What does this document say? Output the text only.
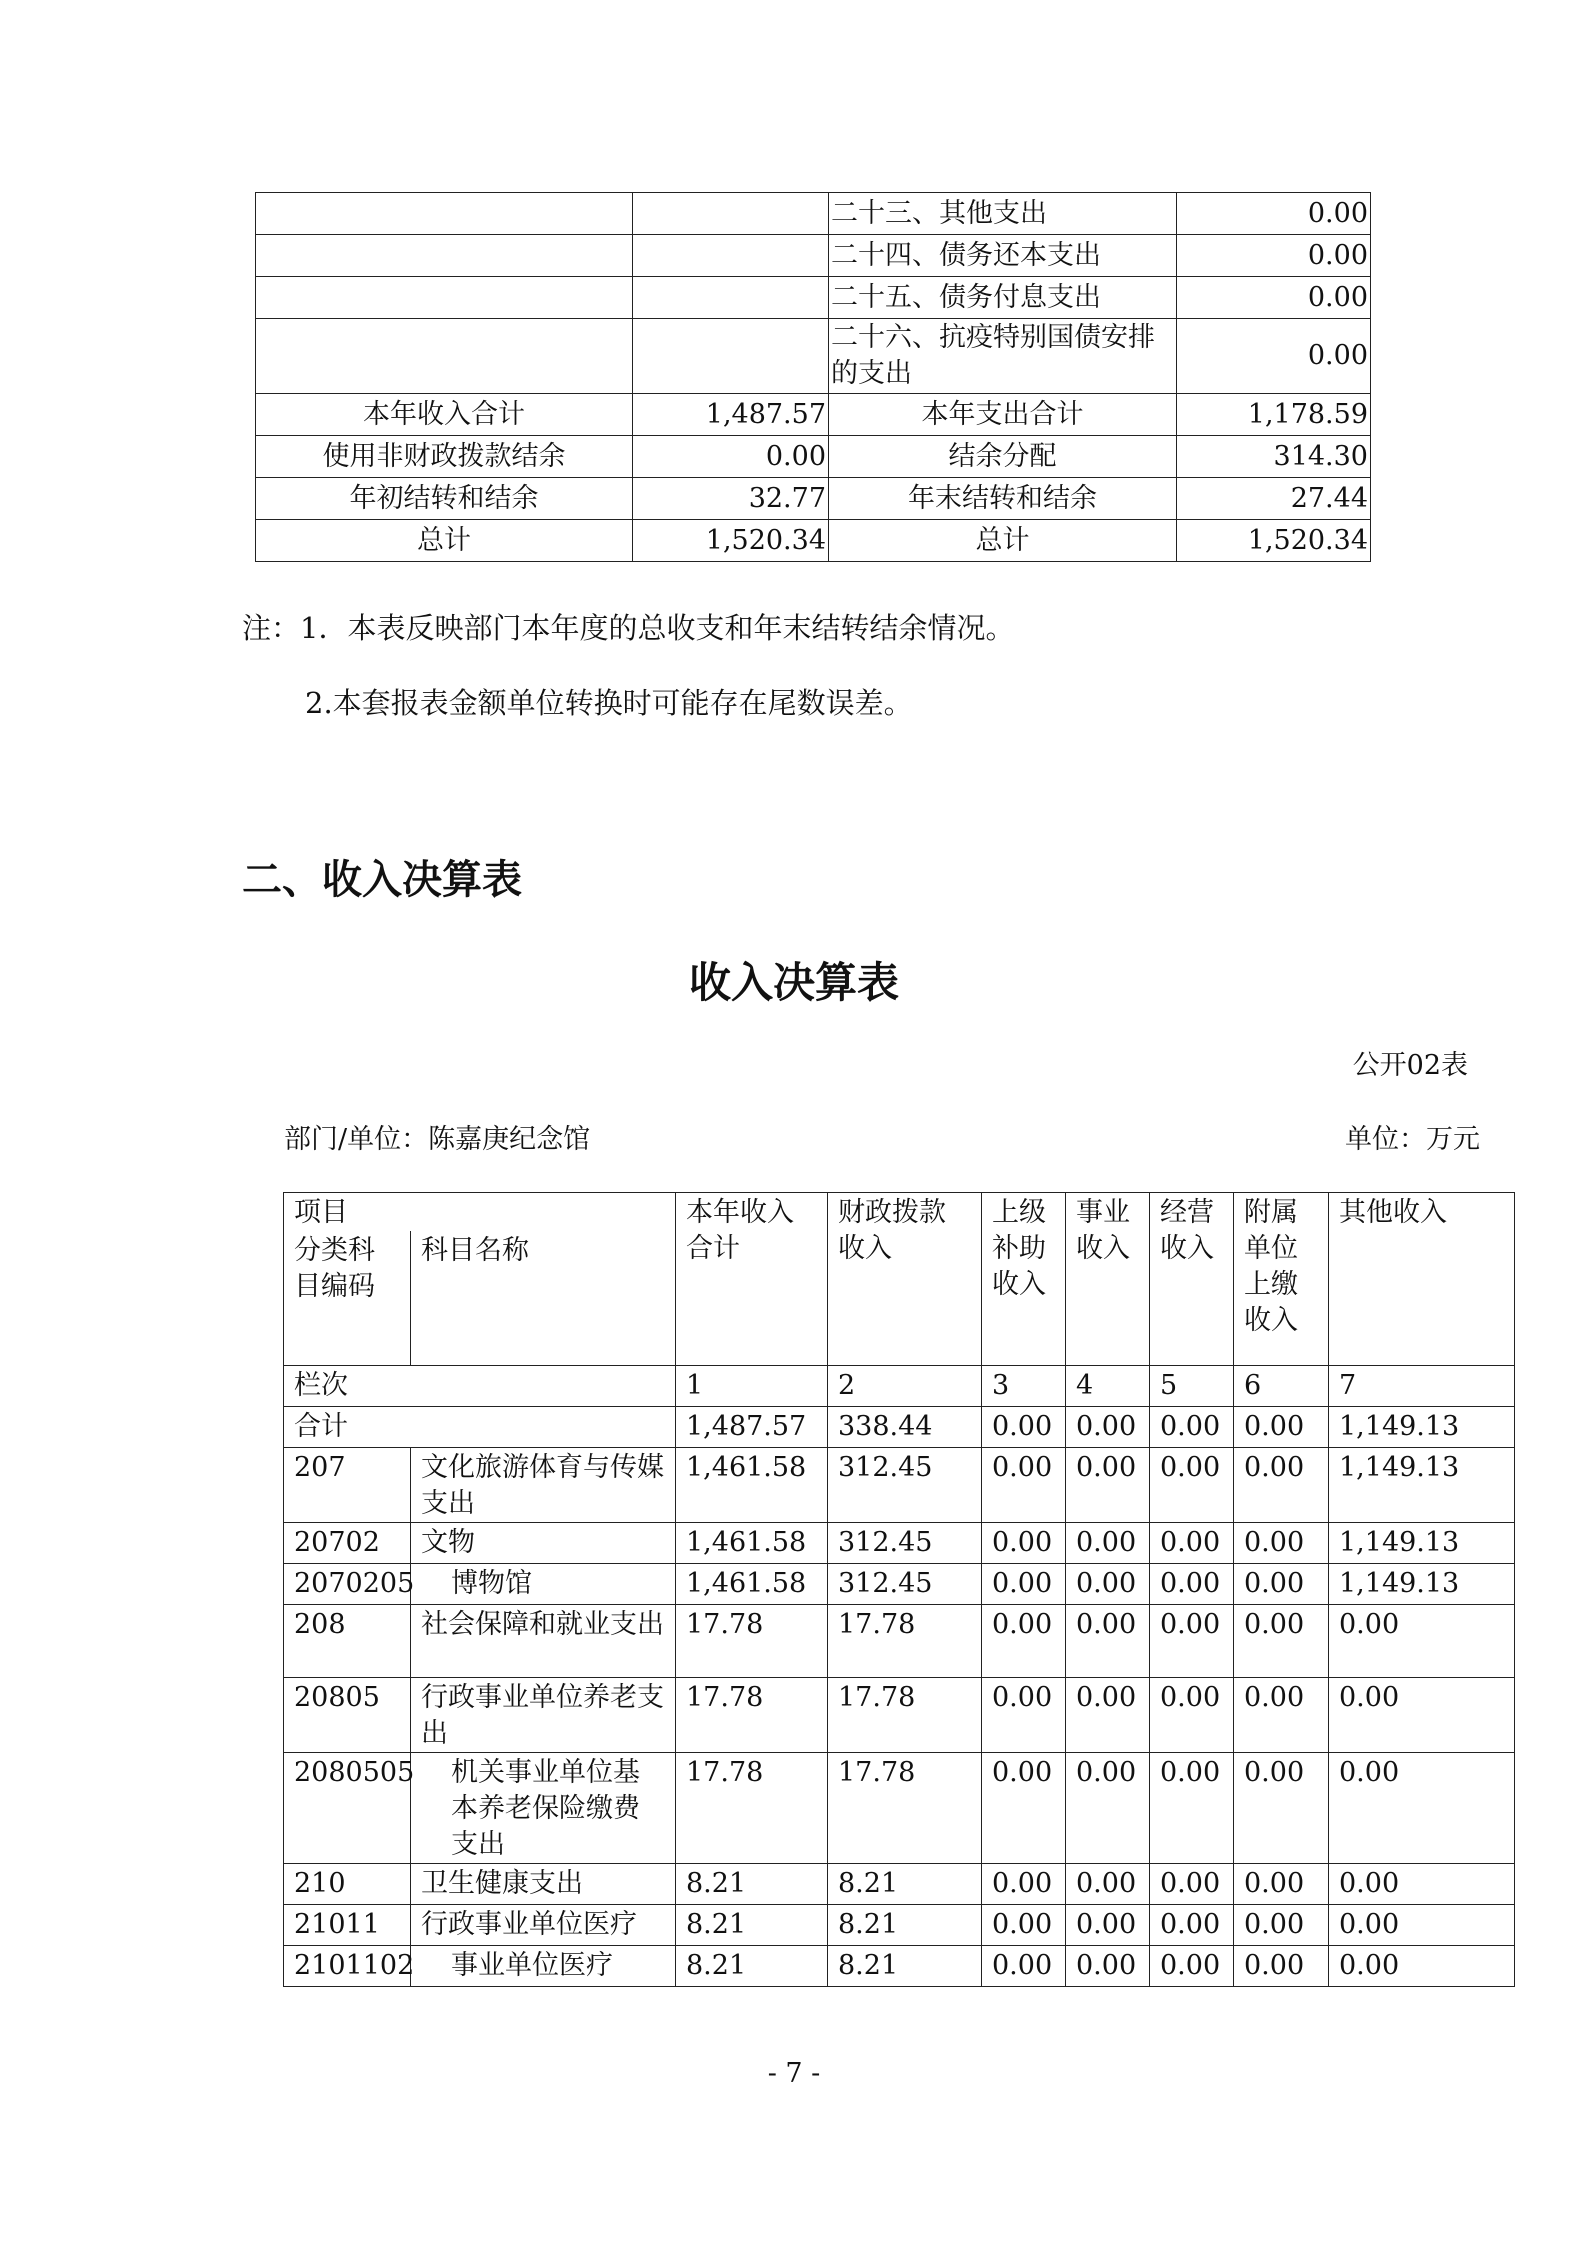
		二十三、其他支出	0.00
		二十四、债务还本支出	0.00
		二十五、债务付息支出	0.00
		二十六、抗疫特别国债安排的支出	0.00
本年收入合计	1,487.57	本年支出合计	1,178.59
使用非财政拨款结余	0.00	结余分配	314.30
年初结转和结余	32.77	年末结转和结余	27.44
总计	1,520.34	总计	1,520.34
注：1．本表反映部门本年度的总收支和年末结转结余情况。
2.本套报表金额单位转换时可能存在尾数误差。
二、收入决算表
收入决算表
公开02表
部门/单位：陈嘉庚纪念馆	单位：万元
项目		本年收入合计	财政拨款收入	上级补助收入	事业收入	经营收入	附属单位上缴收入	其他收入
分类科目编码	科目名称							
栏次		1	2	3	4	5	6	7
合计		1,487.57	338.44	0.00	0.00	0.00	0.00	1,149.13
207	文化旅游体育与传媒支出	1,461.58	312.45	0.00	0.00	0.00	0.00	1,149.13
20702	文物	1,461.58	312.45	0.00	0.00	0.00	0.00	1,149.13
2070205	博物馆	1,461.58	312.45	0.00	0.00	0.00	0.00	1,149.13
208	社会保障和就业支出	17.78	17.78	0.00	0.00	0.00	0.00	0.00
20805	行政事业单位养老支出	17.78	17.78	0.00	0.00	0.00	0.00	0.00
2080505	机关事业单位基本养老保险缴费支出	17.78	17.78	0.00	0.00	0.00	0.00	0.00
210	卫生健康支出	8.21	8.21	0.00	0.00	0.00	0.00	0.00
21011	行政事业单位医疗	8.21	8.21	0.00	0.00	0.00	0.00	0.00
2101102	事业单位医疗	8.21	8.21	0.00	0.00	0.00	0.00	0.00
- 7 -
